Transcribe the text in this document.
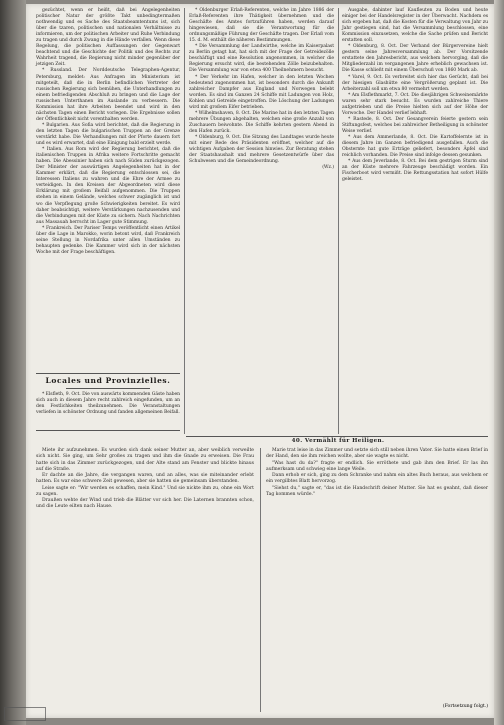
gezüchtet, wenn er heißt, daß bei Angelegenheiten politischer Natur der größte Takt unbedingtermaßen nothwendig und es Sache des Staatsbeamtentums ist, sich über die tzaren, politischen und nationalen Verhältnisse zu informieren, um der politischen Arbeiter und Ruhe Verbindung zu tragen und durch Zwang in die Hände verfallen. Wenn diese Regelung, die politischen Auffassungen der Gegenwart beachtend und die Geschichte der Politik und des Rechts zur Wahrheit tragend, die Regierung nicht minder gegenüber der jetzigen Zeit.

* Russland. Der Norddeutsche Telegraphen-Agentur, Petersburg, meldet: Aus Anfragen im Ministerium ist mitgeteilt, daß die in Berlin befindlichen Vertreter der russischen Regierung sich bemühen, die Unterhandlungen zu einem befriedigenden Abschluß zu bringen und die Lage der russischen Unterthanen im Auslande zu verbessern. Die Kommission hat ihre Arbeiten beendet und wird in den nächsten Tagen einen Bericht vorlegen. Die Ergebnisse sollen der Öffentlichkeit nicht vorenthalten werden.

* Bulgarien. Aus Sofia wird berichtet, daß die Regierung in den letzten Tagen die bulgarischen Truppen an der Grenze verstärkt habe. Die Verhandlungen mit der Pforte dauern fort und es wird erwartet, daß eine Einigung bald erzielt werde.

* Italien. Aus Rom wird der Regierung berichtet, daß die italienischen Truppen in Afrika weitere Fortschritte gemacht haben. Die Abessinier haben sich nach Süden zurückgezogen. Der Minister der auswärtigen Angelegenheiten hat in der Kammer erklärt, daß die Regierung entschlossen sei, die Interessen Italiens zu wahren und die Ehre der Armee zu verteidigen. In den Kreisen der Abgeordneten wird diese Erklärung mit großem Beifall aufgenommen. Die Truppen stehen in einem Gelände, welches schwer zugänglich ist und wo die Verpflegung große Schwierigkeiten bereitet. Es wird daher beabsichtigt, weitere Verstärkungen nachzusenden und die Verbindungen mit der Küste zu sichern. Nach Nachrichten aus Massauah herrscht im Lager gute Stimmung.

* Frankreich. Der Pariser Temps veröffentlicht einen Artikel über die Lage in Marokko, worin betont wird, daß Frankreich seine Stellung in Nordafrika unter allen Umständen zu behaupten gedenke. Die Kammer wird sich in der nächsten Woche mit der Frage beschäftigen.

Locales und Provinzielles.

* Elsfleth, 9. Oct. Die von auswärts kommenden Gäste haben sich auch in diesem Jahre recht zahlreich eingefunden, um an den Festlichkeiten theilzunehmen. Die Veranstaltungen verliefen in schönster Ordnung und fanden allgemeinen Beifall.

* Oldenburger Erlaß-Referenten, welche im Jahre 1886 der Erlaß-Referenten ihre Thätigkeit übernehmen und die Geschäfte des Amtes fortzuführen haben, werden darauf hingewiesen, daß sie die Verantwortung für die ordnungsmäßige Führung der Geschäfte tragen. Der Erlaß vom 15. d. M. enthält die näheren Bestimmungen.

* Die Versammlung der Landwirthe, welche im Kaiserpalast zu Berlin getagt hat, hat sich mit der Frage der Getreidezölle beschäftigt und eine Resolution angenommen, in welcher die Regierung ersucht wird, die bestehenden Zölle beizubehalten. Die Versammlung war von etwa 400 Theilnehmern besucht.

* Der Verkehr im Hafen, welcher in den letzten Wochen bedeutend zugenommen hat, ist besonders durch die Ankunft zahlreicher Dampfer aus England und Norwegen belebt worden. Es sind im Ganzen 24 Schiffe mit Ladungen von Holz, Kohlen und Getreide eingetroffen. Die Löschung der Ladungen wird mit großem Eifer betrieben.

* Wilhelmshaven, 8. Oct. Die Marine hat in den letzten Tagen mehrere Übungen abgehalten, welchen eine große Anzahl von Zuschauern beiwohnte. Die Schiffe kehrten gestern Abend in den Hafen zurück.

* Oldenburg, 9. Oct. Die Sitzung des Landtages wurde heute mit einer Rede des Präsidenten eröffnet, welcher auf die wichtigen Aufgaben der Session hinwies. Zur Beratung stehen der Staatshaushalt und mehrere Gesetzentwürfe über das Schulwesen und die Gemeindeordnung.

(Wz.)

Ausgabe, dahinter lauf Kaufleuten zu Boden und heute einiger bei der Handelsregister in der Überwacht. Nachdem es sich ergeben hat, daß die Kosten für die Verwaltung von Jahr zu Jahr gestiegen sind, hat die Versammlung beschlossen, eine Kommission einzusetzen, welche die Sache prüfen und Bericht erstatten soll.

* Oldenburg, 8. Oct. Der Verband der Bürgervereine hielt gestern seine Jahresversammlung ab. Der Vorsitzende erstattete den Jahresbericht, aus welchem hervorging, daß die Mitgliederzahl im vergangenen Jahre erheblich gewachsen ist. Die Kasse schließt mit einem Überschuß von 1860 Mark ab.

* Varel, 9. Oct. Es verbreitet sich hier das Gerücht, daß bei der hiesigen Glashütte eine Vergrößerung geplant ist. Die Arbeiterzahl soll um etwa 80 vermehrt werden.

* Am Elsflethmarkt, 7. Oct. Die diesjährigen Schweinemärkte waren sehr stark besucht. Es wurden zahlreiche Thiere aufgetrieben und die Preise hielten sich auf der Höhe der Vorwoche. Der Handel verlief lebhaft.

* Rastede, 8. Oct. Der Gesangverein feierte gestern sein Stiftungsfest, welches bei zahlreicher Betheiligung in schönster Weise verlief.

* Aus dem Ammerlande, 8. Oct. Die Kartoffelernte ist in diesem Jahre im Ganzen befriedigend ausgefallen. Auch die Obsternte hat gute Erträge geliefert, besonders Äpfel sind reichlich vorhanden. Die Preise sind infolge dessen gesunken.

* Aus dem Jeverlande, 8. Oct. Bei dem gestrigen Sturm sind an der Küste mehrere Fahrzeuge beschädigt worden. Ein Fischerboot wird vermißt. Die Rettungsstation hat sofort Hülfe geleistet.

40. Vermählt für Heiligen.

Miete ihr aufzunehmen. Es wurden sich dank seiner Mutter an, aber weiblich verweilte sich nicht. Sie ging, um Sehr großes zu tragen und ihm die Gnade zu erweisen. Die Frau hatte sich in das Zimmer zurückgezogen, und der Alte stand am Fenster und blickte hinaus auf die Straße.

Er dachte an die Jahre, die vergangen waren, und an alles, was sie miteinander erlebt hatten. Es war eine schwere Zeit gewesen, aber sie hatten sie gemeinsam überstanden.

Leise sagte er: "Wir werden es schaffen, mein Kind." Und sie nickte ihm zu, ohne ein Wort zu sagen.

Draußen wehte der Wind und trieb die Blätter vor sich her. Die Laternen brannten schon, und die Leute eilten nach Hause.

Marie trat leise in das Zimmer und setzte sich still neben ihren Vater. Sie hatte einen Brief in der Hand, den sie ihm reichen wollte, aber sie wagte es nicht.

"Was hast du da?" fragte er endlich. Sie erröthete und gab ihm den Brief. Er las ihn aufmerksam und schwieg eine lange Weile.

Dann erhob er sich, ging zu dem Schranke und nahm ein altes Buch heraus, aus welchem er ein vergilbtes Blatt hervorzog.

"Siehst du," sagte er, "das ist die Handschrift deiner Mutter. Sie hat es geahnt, daß dieser Tag kommen würde."

(Fortsetzung folgt.)
